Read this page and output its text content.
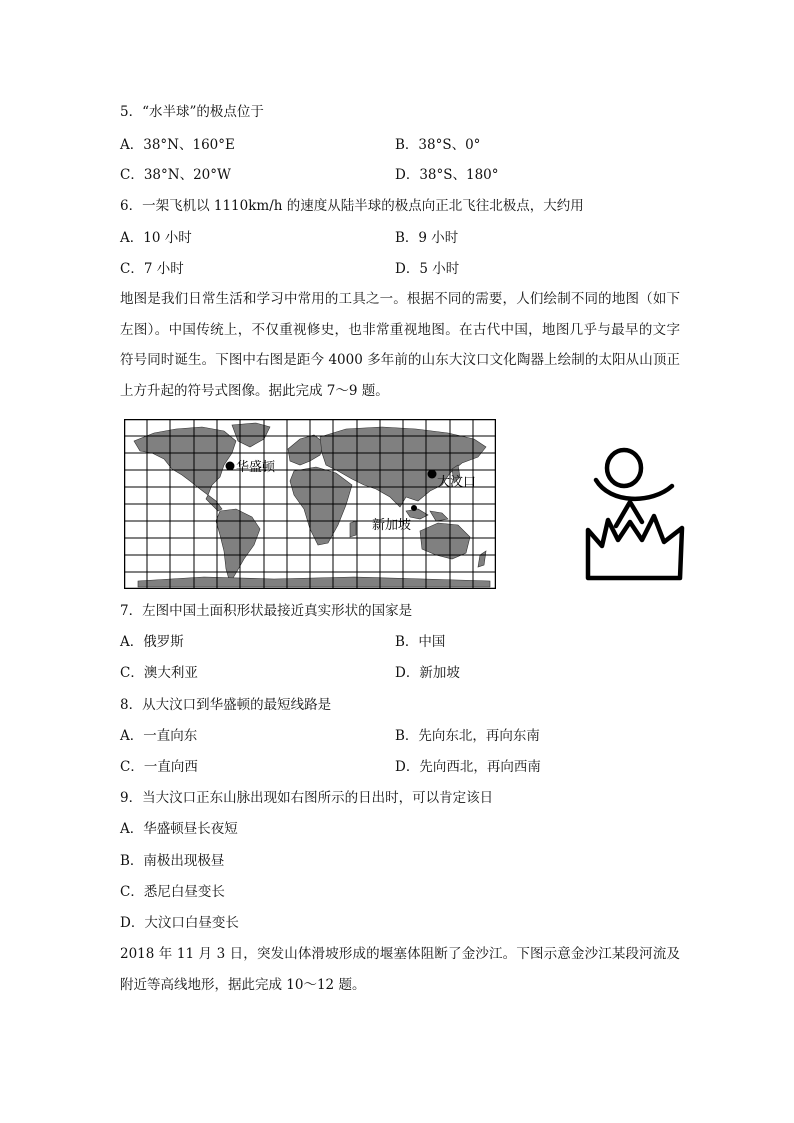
5．“水半球”的极点位于
A．38°N、160°E	B．38°S、0°
C．38°N、20°W	D．38°S、180°
6．一架飞机以 1110km/h 的速度从陆半球的极点向正北飞往北极点，大约用
A．10 小时	B．9 小时
C．7 小时	D．5 小时
地图是我们日常生活和学习中常用的工具之一。根据不同的需要，人们绘制不同的地图（如下左图）。中国传统上，不仅重视修史，也非常重视地图。在古代中国，地图几乎与最早的文字符号同时诞生。下图中右图是距今 4000 多年前的山东大汶口文化陶器上绘制的太阳从山顶正上方升起的符号式图像。据此完成 7～9 题。
华盛顿
大汶口
新加坡
7．左图中国土面积形状最接近真实形状的国家是
A．俄罗斯	B．中国
C．澳大利亚	D．新加坡
8．从大汶口到华盛顿的最短线路是
A．一直向东	B．先向东北，再向东南
C．一直向西	D．先向西北，再向西南
9．当大汶口正东山脉出现如右图所示的日出时，可以肯定该日
A．华盛顿昼长夜短
B．南极出现极昼
C．悉尼白昼变长
D．大汶口白昼变长
2018 年 11 月 3 日，突发山体滑坡形成的堰塞体阻断了金沙江。下图示意金沙江某段河流及附近等高线地形，据此完成 10～12 题。
